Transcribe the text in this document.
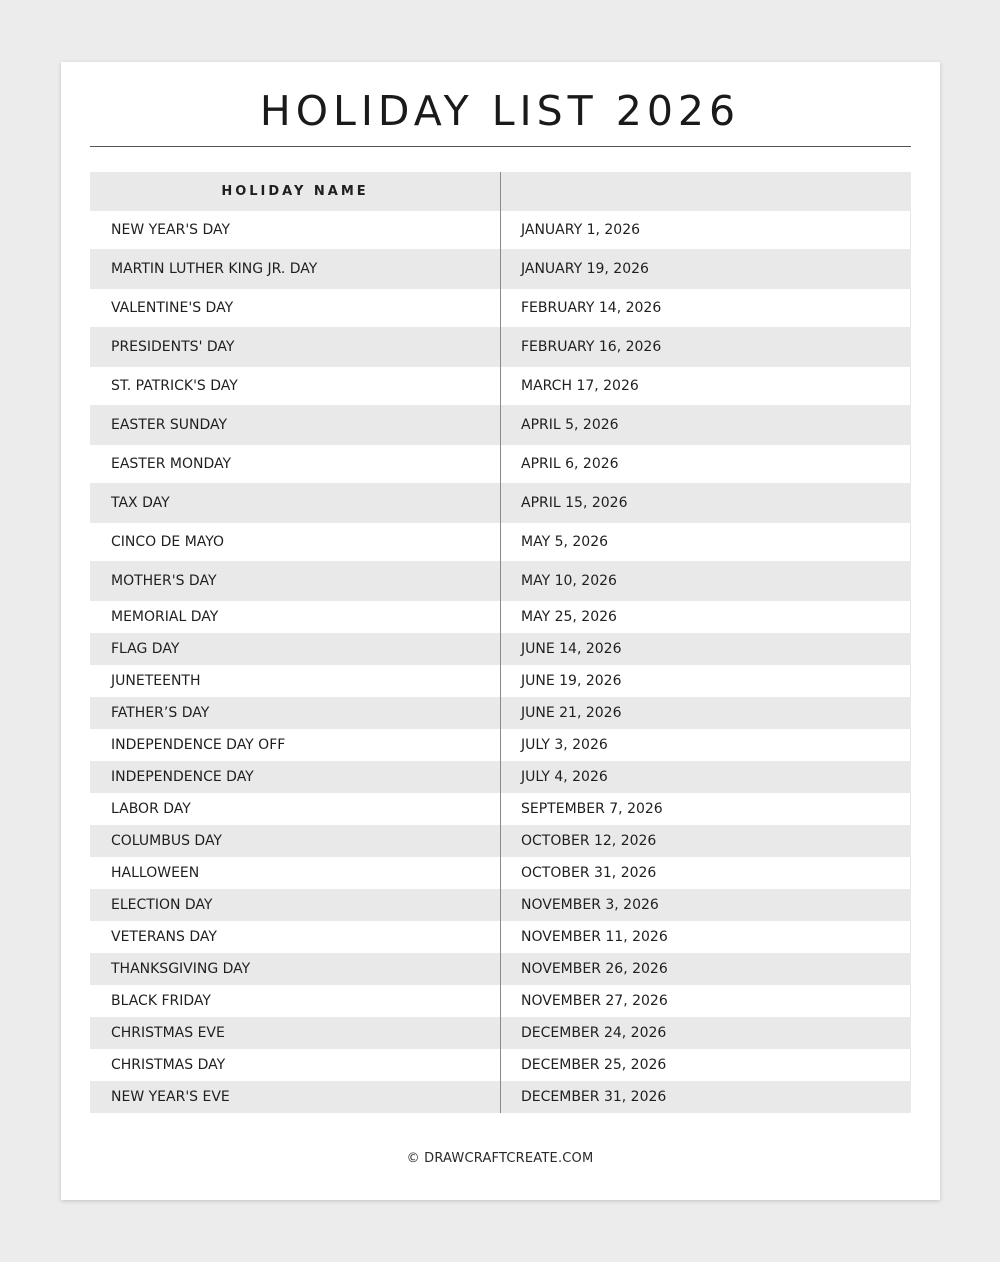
HOLIDAY LIST 2026
HOLIDAY NAME
NEW YEAR'S DAY	JANUARY 1, 2026
MARTIN LUTHER KING JR. DAY	JANUARY 19, 2026
VALENTINE'S DAY	FEBRUARY 14, 2026
PRESIDENTS' DAY	FEBRUARY 16, 2026
ST. PATRICK'S DAY	MARCH 17, 2026
EASTER SUNDAY	APRIL 5, 2026
EASTER MONDAY	APRIL 6, 2026
TAX DAY	APRIL 15, 2026
CINCO DE MAYO	MAY 5, 2026
MOTHER'S DAY	MAY 10, 2026
MEMORIAL DAY	MAY 25, 2026
FLAG DAY	JUNE 14, 2026
JUNETEENTH	JUNE 19, 2026
FATHER’S DAY	JUNE 21, 2026
INDEPENDENCE DAY OFF	JULY 3, 2026
INDEPENDENCE DAY	JULY 4, 2026
LABOR DAY	SEPTEMBER 7, 2026
COLUMBUS DAY	OCTOBER 12, 2026
HALLOWEEN	OCTOBER 31, 2026
ELECTION DAY	NOVEMBER 3, 2026
VETERANS DAY	NOVEMBER 11, 2026
THANKSGIVING DAY	NOVEMBER 26, 2026
BLACK FRIDAY	NOVEMBER 27, 2026
CHRISTMAS EVE	DECEMBER 24, 2026
CHRISTMAS DAY	DECEMBER 25, 2026
NEW YEAR'S EVE	DECEMBER 31, 2026
© DRAWCRAFTCREATE.COM
